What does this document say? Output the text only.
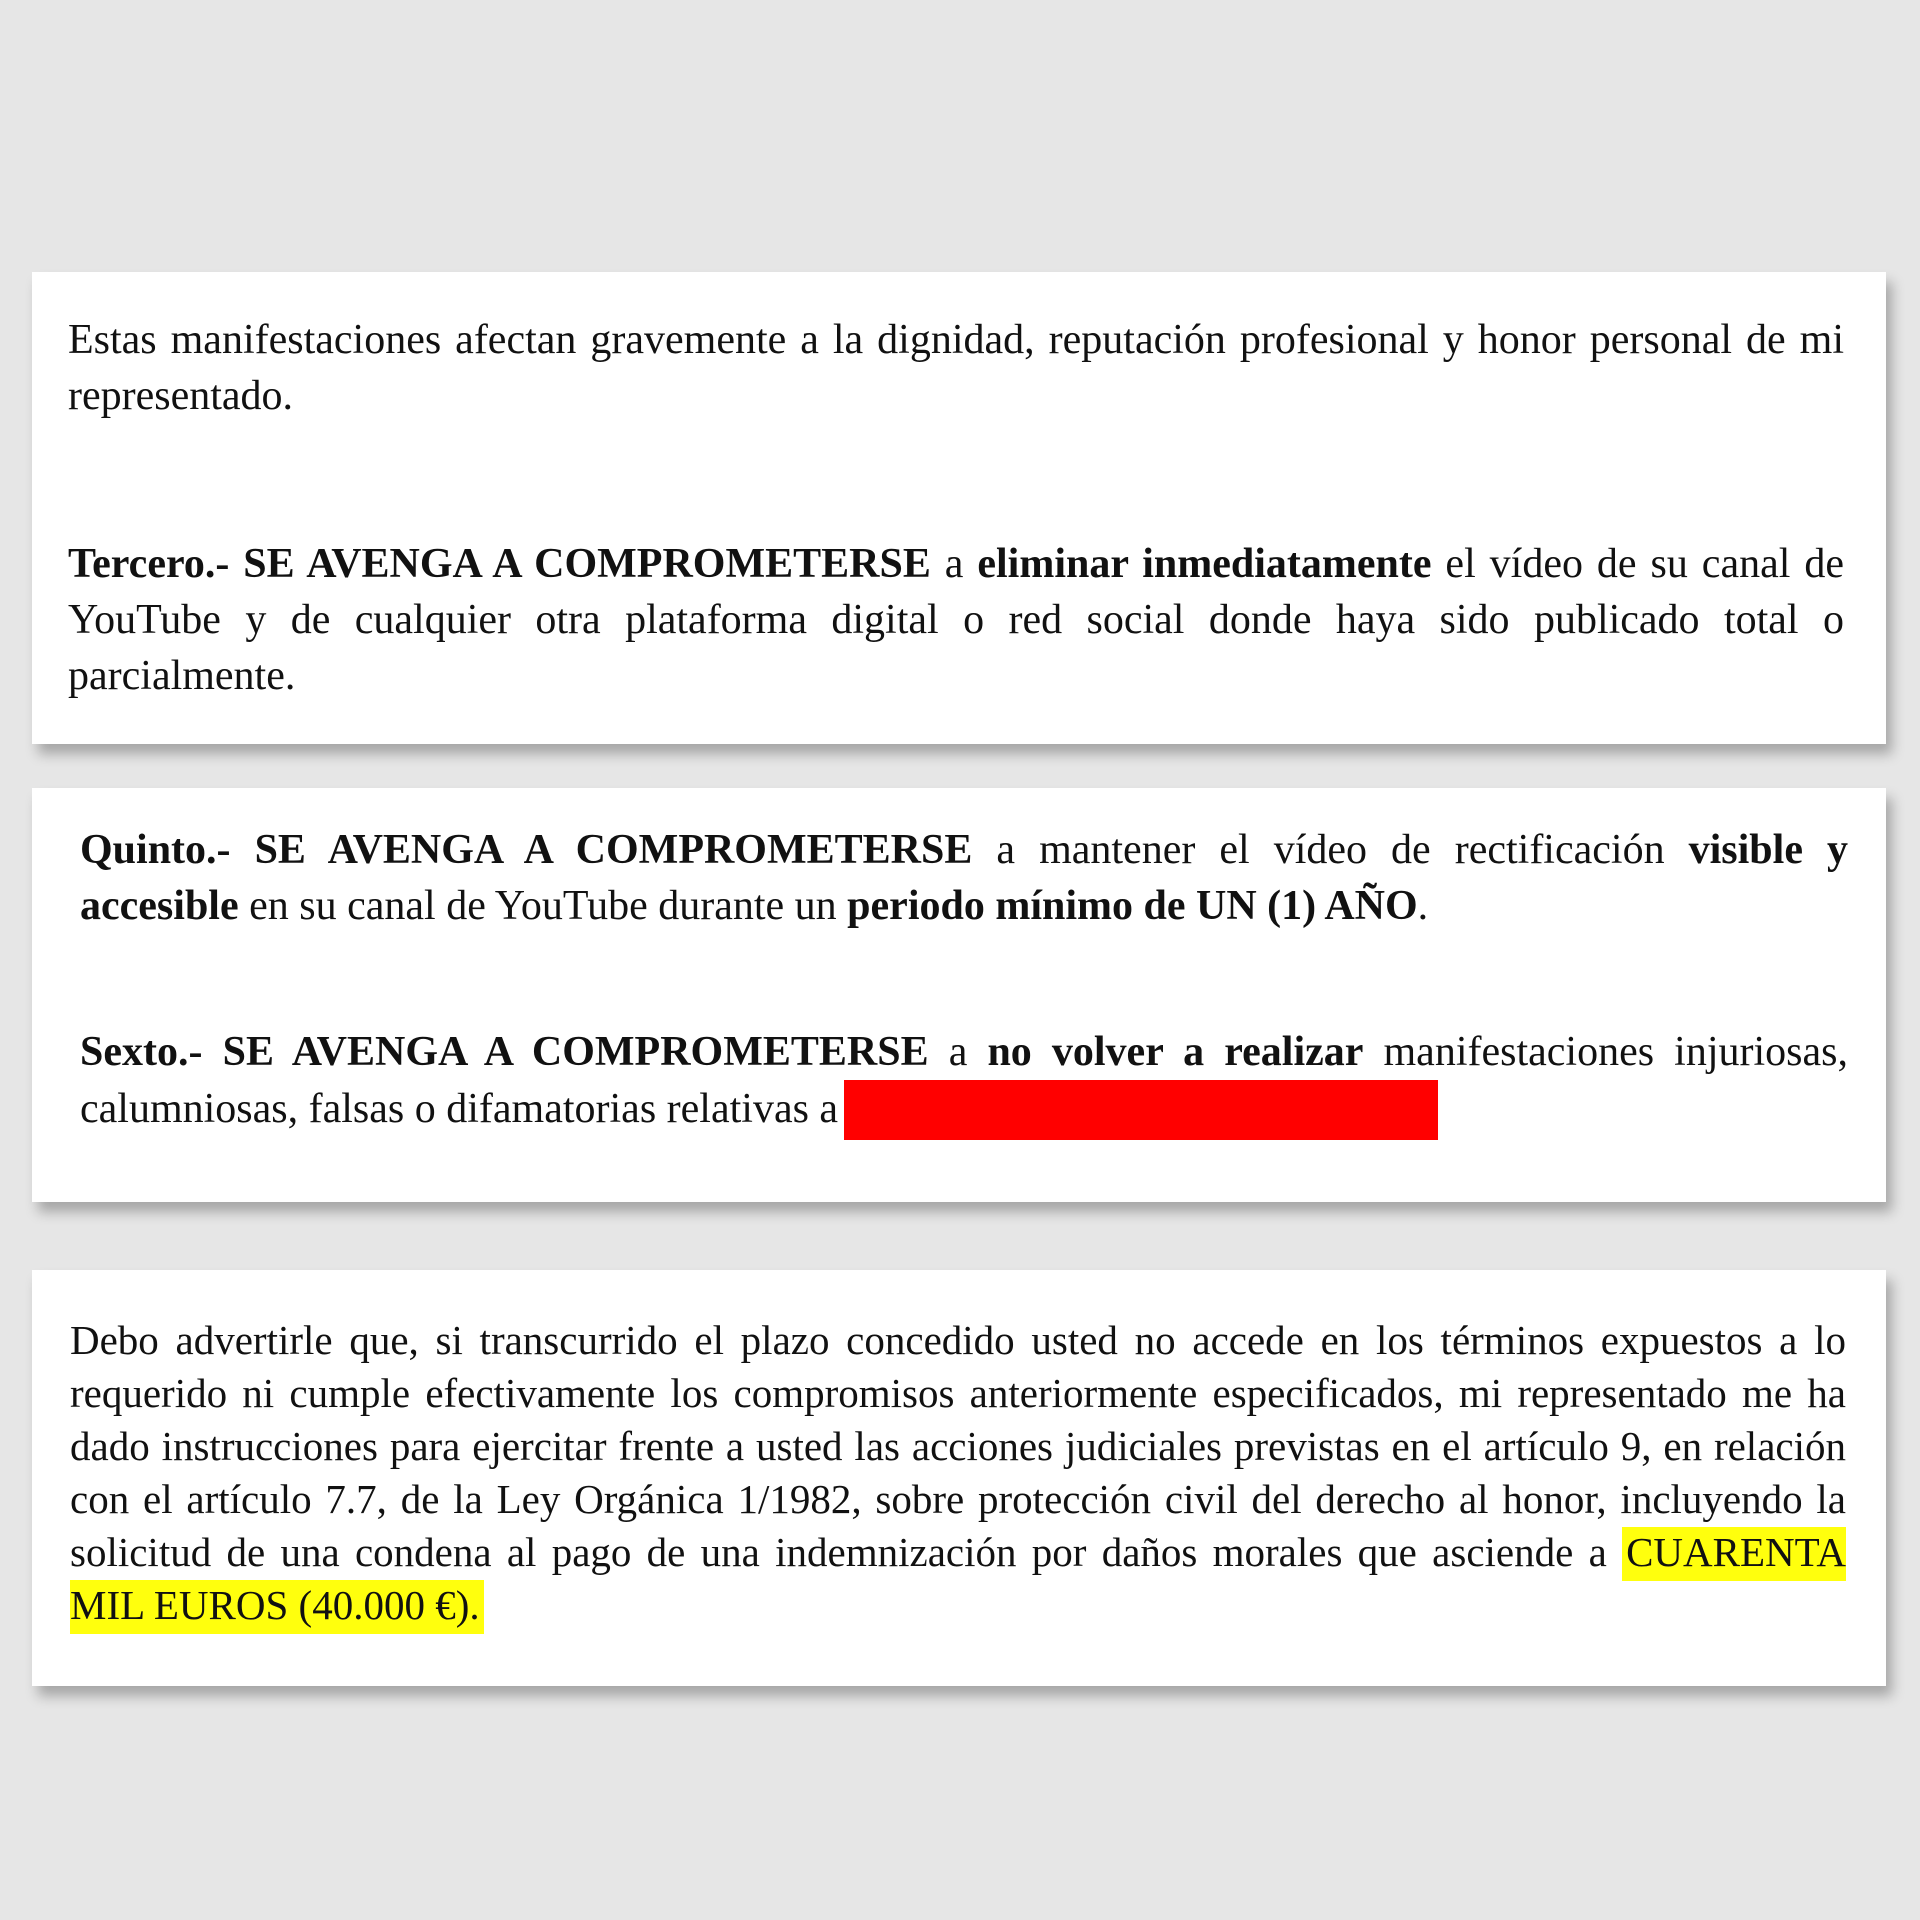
Estas manifestaciones afectan gravemente a la dignidad, reputación profesional y honor personal de mi representado.

Tercero.- SE AVENGA A COMPROMETERSE a eliminar inmediatamente el vídeo de su canal de YouTube y de cualquier otra plataforma digital o red social donde haya sido publicado total o parcialmente.

Quinto.- SE AVENGA A COMPROMETERSE a mantener el vídeo de rectificación visible y accesible en su canal de YouTube durante un periodo mínimo de UN (1) AÑO.

Sexto.- SE AVENGA A COMPROMETERSE a no volver a realizar manifestaciones injuriosas, calumniosas, falsas o difamatorias relativas a

Debo advertirle que, si transcurrido el plazo concedido usted no accede en los términos expuestos a lo requerido ni cumple efectivamente los compromisos anteriormente especificados, mi representado me ha dado instrucciones para ejercitar frente a usted las acciones judiciales previstas en el artículo 9, en relación con el artículo 7.7, de la Ley Orgánica 1/1982, sobre protección civil del derecho al honor, incluyendo la solicitud de una condena al pago de una indemnización por daños morales que asciende a CUARENTA MIL EUROS (40.000 €).
